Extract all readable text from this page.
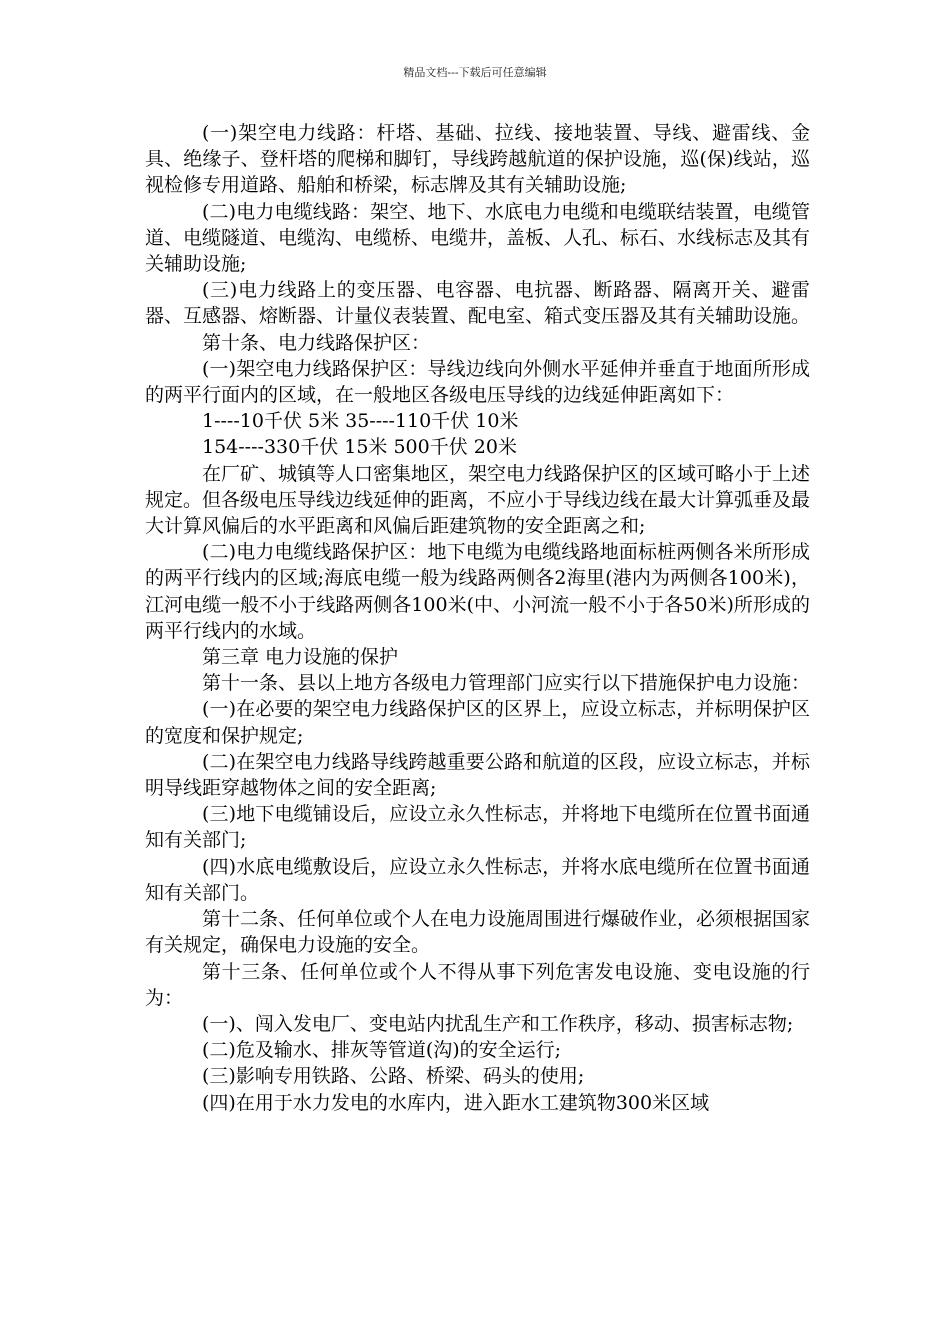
精品文档---下载后可任意编辑

(一)架空电力线路：杆塔、基础、拉线、接地装置、导线、避雷线、金具、绝缘子、登杆塔的爬梯和脚钉，导线跨越航道的保护设施，巡(保)线站，巡视检修专用道路、船舶和桥梁，标志牌及其有关辅助设施;

(二)电力电缆线路：架空、地下、水底电力电缆和电缆联结装置，电缆管道、电缆隧道、电缆沟、电缆桥、电缆井，盖板、人孔、标石、水线标志及其有关辅助设施;

(三)电力线路上的变压器、电容器、电抗器、断路器、隔离开关、避雷器、互感器、熔断器、计量仪表装置、配电室、箱式变压器及其有关辅助设施。

第十条、电力线路保护区：

(一)架空电力线路保护区：导线边线向外侧水平延伸并垂直于地面所形成的两平行面内的区域，在一般地区各级电压导线的边线延伸距离如下：

1----10千伏 5米 35----110千伏 10米

154----330千伏 15米 500千伏 20米

在厂矿、城镇等人口密集地区，架空电力线路保护区的区域可略小于上述规定。但各级电压导线边线延伸的距离，不应小于导线边线在最大计算弧垂及最大计算风偏后的水平距离和风偏后距建筑物的安全距离之和;

(二)电力电缆线路保护区：地下电缆为电缆线路地面标桩两侧各米所形成的两平行线内的区域;海底电缆一般为线路两侧各2海里(港内为两侧各100米)，江河电缆一般不小于线路两侧各100米(中、小河流一般不小于各50米)所形成的两平行线内的水域。

第三章 电力设施的保护

第十一条、县以上地方各级电力管理部门应实行以下措施保护电力设施：

(一)在必要的架空电力线路保护区的区界上，应设立标志，并标明保护区的宽度和保护规定;

(二)在架空电力线路导线跨越重要公路和航道的区段，应设立标志，并标明导线距穿越物体之间的安全距离;

(三)地下电缆铺设后，应设立永久性标志，并将地下电缆所在位置书面通知有关部门;

(四)水底电缆敷设后，应设立永久性标志，并将水底电缆所在位置书面通知有关部门。

第十二条、任何单位或个人在电力设施周围进行爆破作业，必须根据国家有关规定，确保电力设施的安全。

第十三条、任何单位或个人不得从事下列危害发电设施、变电设施的行为：

(一)、闯入发电厂、变电站内扰乱生产和工作秩序，移动、损害标志物;

(二)危及输水、排灰等管道(沟)的安全运行;

(三)影响专用铁路、公路、桥梁、码头的使用;

(四)在用于水力发电的水库内，进入距水工建筑物300米区域
